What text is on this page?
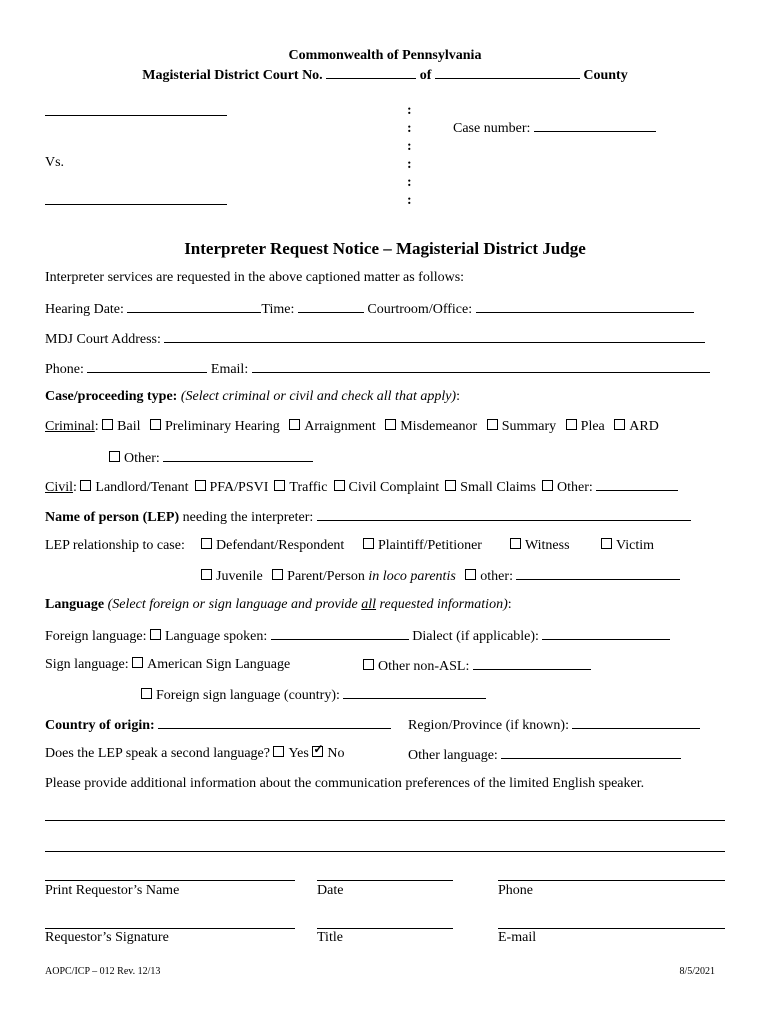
Commonwealth of Pennsylvania
Magisterial District Court No.	of	County
Vs.
:
:
:
:
:
:
Case number:
Interpreter Request Notice – Magisterial District Judge
Interpreter services are requested in the above captioned matter as follows:
Hearing Date:	Time:	Courtroom/Office:
MDJ Court Address:
Phone:	Email:
Case/proceeding type: (Select criminal or civil and check all that apply):
Criminal: Bail Preliminary Hearing Arraignment Misdemeanor Summary Plea ARD
Other:
Civil: Landlord/Tenant PFA/PSVI Traffic Civil Complaint Small Claims Other:
Name of person (LEP) needing the interpreter:
LEP relationship to case:	Defendant/Respondent	Plaintiff/Petitioner	Witness	Victim
Juvenile Parent/Person in loco parentis other:
Language (Select foreign or sign language and provide all requested information):
Foreign language: Language spoken:	Dialect (if applicable):
Sign language: American Sign Language	Other non-ASL:
Foreign sign language (country):
Country of origin:	Region/Province (if known):
Does the LEP speak a second language? Yes ✓ No	Other language:
Please provide additional information about the communication preferences of the limited English speaker.
Print Requestor’s Name	Date	Phone
Requestor’s Signature	Title	E-mail
AOPC/ICP – 012 Rev. 12/13	8/5/2021
